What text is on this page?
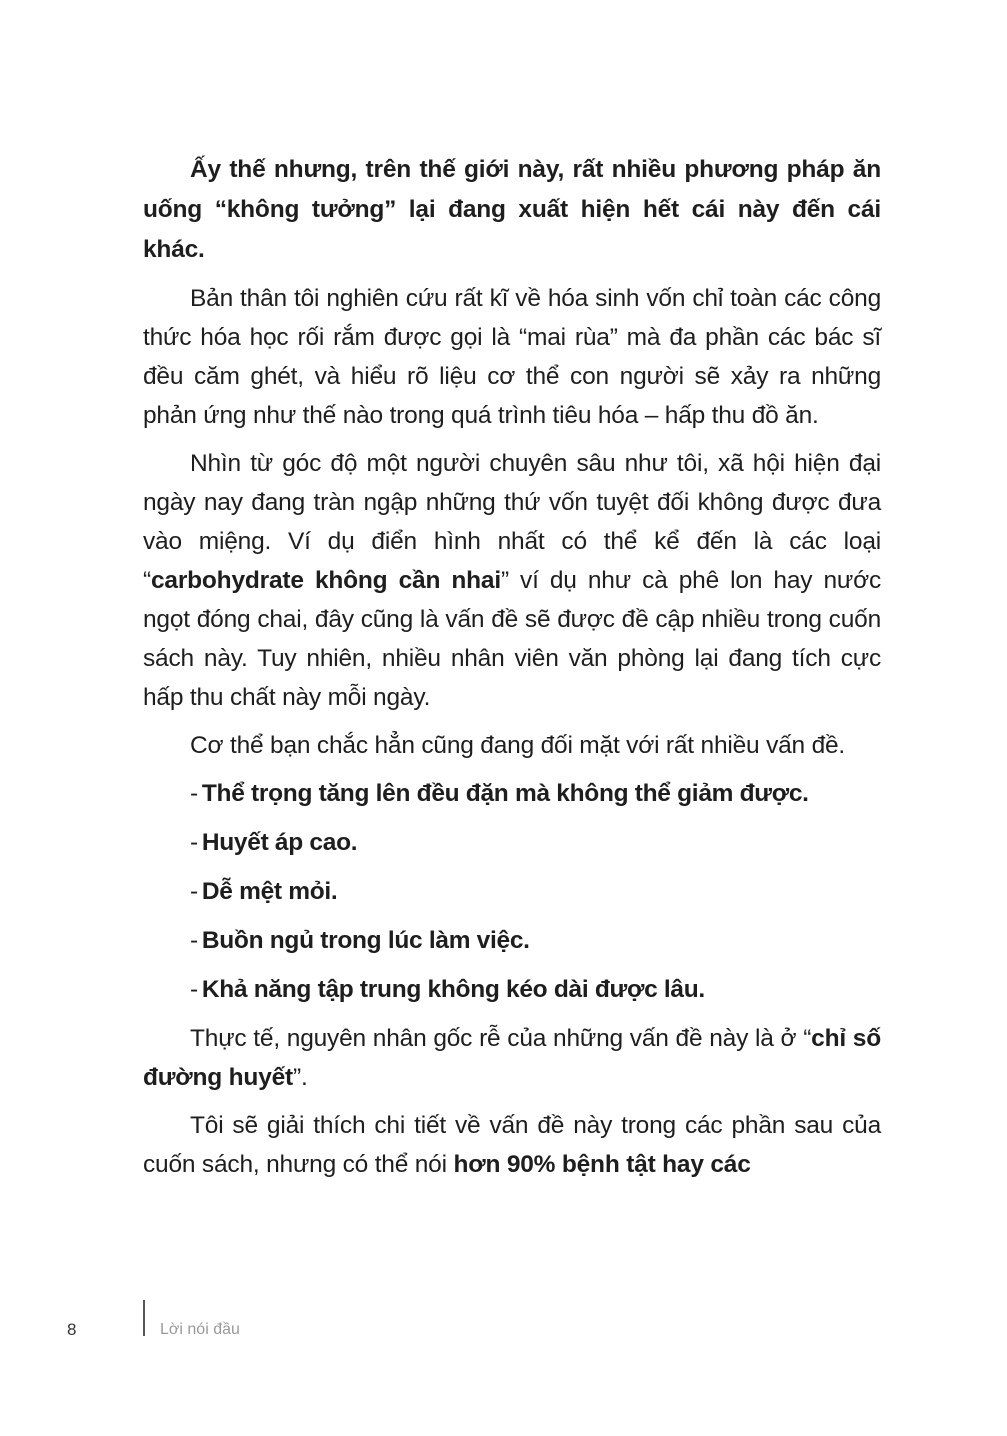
Ấy thế nhưng, trên thế giới này, rất nhiều phương pháp ăn uống “không tưởng” lại đang xuất hiện hết cái này đến cái khác.

Bản thân tôi nghiên cứu rất kĩ về hóa sinh vốn chỉ toàn các công thức hóa học rối rắm được gọi là “mai rùa” mà đa phần các bác sĩ đều căm ghét, và hiểu rõ liệu cơ thể con người sẽ xảy ra những phản ứng như thế nào trong quá trình tiêu hóa – hấp thu đồ ăn.

Nhìn từ góc độ một người chuyên sâu như tôi, xã hội hiện đại ngày nay đang tràn ngập những thứ vốn tuyệt đối không được đưa vào miệng. Ví dụ điển hình nhất có thể kể đến là các loại “carbohydrate không cần nhai” ví dụ như cà phê lon hay nước ngọt đóng chai, đây cũng là vấn đề sẽ được đề cập nhiều trong cuốn sách này. Tuy nhiên, nhiều nhân viên văn phòng lại đang tích cực hấp thu chất này mỗi ngày.

Cơ thể bạn chắc hẳn cũng đang đối mặt với rất nhiều vấn đề.

- Thể trọng tăng lên đều đặn mà không thể giảm được.

- Huyết áp cao.

- Dễ mệt mỏi.

- Buồn ngủ trong lúc làm việc.

- Khả năng tập trung không kéo dài được lâu.

Thực tế, nguyên nhân gốc rễ của những vấn đề này là ở “chỉ số đường huyết”.

Tôi sẽ giải thích chi tiết về vấn đề này trong các phần sau của cuốn sách, nhưng có thể nói hơn 90% bệnh tật hay các

8	Lời nói đầu
